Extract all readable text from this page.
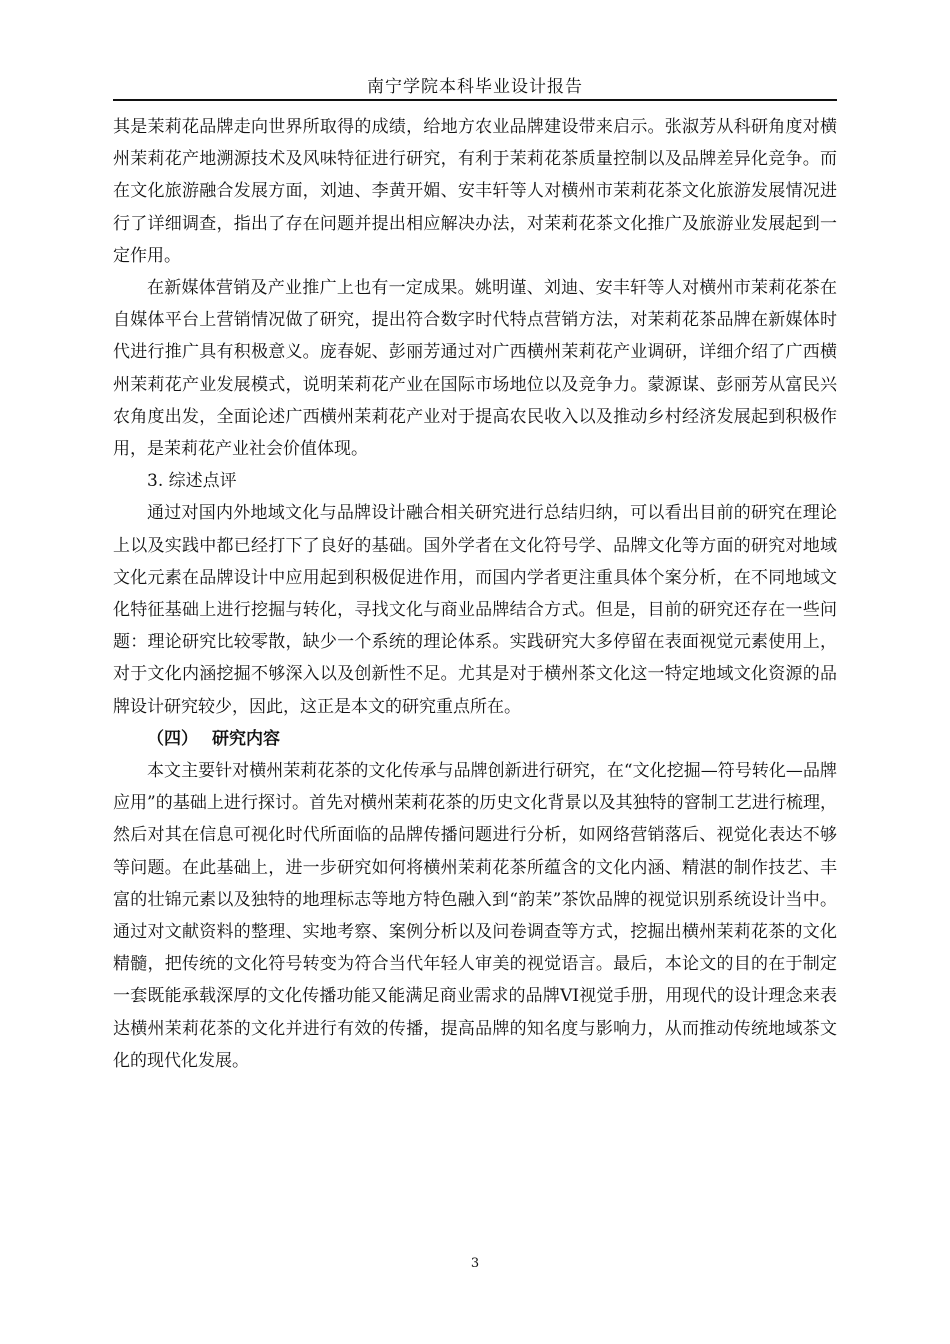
南宁学院本科毕业设计报告

其是茉莉花品牌走向世界所取得的成绩，给地方农业品牌建设带来启示。张淑芳从科研角度对横州茉莉花产地溯源技术及风味特征进行研究，有利于茉莉花茶质量控制以及品牌差异化竞争。而在文化旅游融合发展方面，刘迪、李黄开媚、安丰轩等人对横州市茉莉花茶文化旅游发展情况进行了详细调查，指出了存在问题并提出相应解决办法，对茉莉花茶文化推广及旅游业发展起到一定作用。

在新媒体营销及产业推广上也有一定成果。姚明谨、刘迪、安丰轩等人对横州市茉莉花茶在自媒体平台上营销情况做了研究，提出符合数字时代特点营销方法，对茉莉花茶品牌在新媒体时代进行推广具有积极意义。庞春妮、彭丽芳通过对广西横州茉莉花产业调研，详细介绍了广西横州茉莉花产业发展模式，说明茉莉花产业在国际市场地位以及竞争力。蒙源谋、彭丽芳从富民兴农角度出发，全面论述广西横州茉莉花产业对于提高农民收入以及推动乡村经济发展起到积极作用，是茉莉花产业社会价值体现。

3. 综述点评

通过对国内外地域文化与品牌设计融合相关研究进行总结归纳，可以看出目前的研究在理论上以及实践中都已经打下了良好的基础。国外学者在文化符号学、品牌文化等方面的研究对地域文化元素在品牌设计中应用起到积极促进作用，而国内学者更注重具体个案分析，在不同地域文化特征基础上进行挖掘与转化，寻找文化与商业品牌结合方式。但是，目前的研究还存在一些问题：理论研究比较零散，缺少一个系统的理论体系。实践研究大多停留在表面视觉元素使用上，对于文化内涵挖掘不够深入以及创新性不足。尤其是对于横州茶文化这一特定地域文化资源的品牌设计研究较少，因此，这正是本文的研究重点所在。

（四） 研究内容

本文主要针对横州茉莉花茶的文化传承与品牌创新进行研究，在“文化挖掘—符号转化—品牌应用”的基础上进行探讨。首先对横州茉莉花茶的历史文化背景以及其独特的窨制工艺进行梳理，然后对其在信息可视化时代所面临的品牌传播问题进行分析，如网络营销落后、视觉化表达不够等问题。在此基础上，进一步研究如何将横州茉莉花茶所蕴含的文化内涵、精湛的制作技艺、丰富的壮锦元素以及独特的地理标志等地方特色融入到“韵茉”茶饮品牌的视觉识别系统设计当中。通过对文献资料的整理、实地考察、案例分析以及问卷调查等方式，挖掘出横州茉莉花茶的文化精髓，把传统的文化符号转变为符合当代年轻人审美的视觉语言。最后，本论文的目的在于制定一套既能承载深厚的文化传播功能又能满足商业需求的品牌VI视觉手册，用现代的设计理念来表达横州茉莉花茶的文化并进行有效的传播，提高品牌的知名度与影响力，从而推动传统地域茶文化的现代化发展。

3
